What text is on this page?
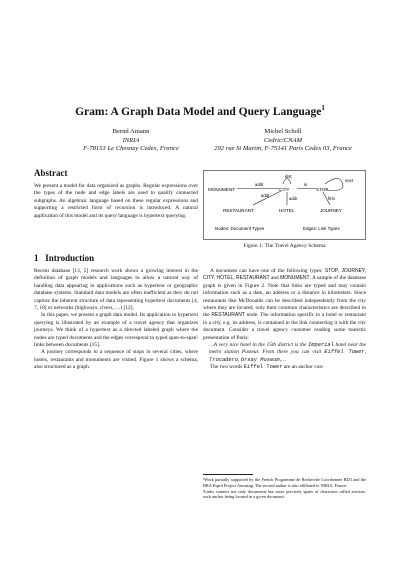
Gram: A Graph Data Model and Query Language$^1$
Bernd Amann
INRIA
F-78153 Le Chesnay Cedex, France
Michel Scholl
Cedric/CNAM
292 rue St Martin, F-75141 Paris Cedex 03, France
Abstract

We present a model for data organized as graphs. Regular expressions over the types of the node and edge labels are used to qualify connected subgraphs. An algebraic language based on these regular expressions and supporting a restricted form of recursion is introduced. A natural application of this model and its query language is hypertext querying.

1 Introduction

Recent database [13, 5] research work shows a growing interest in the definition of graph models and languages to allow a natural way of handling data appearing in applications such as hypertext or geographic database systems. Standard data models are often inefficient as they do not capture the inherent structure of data representing hypertext documents [4, 7, 18] or networks (highways, rivers, …) [12].

In this paper, we present a graph data model. Its application to hypertext querying is illustrated by an example of a travel agency that organizes journeys. We think of a hypertext as a directed labeled graph where the nodes are typed documents and the edges correspond to typed span-to-span² links between documents [15].

A journey corresponds to a sequence of stops in several cities, where hotels, restaurants and monuments are visited. Figure 1 shows a schema, also structured as a graph.

MONUMENT	CITY	STOP
RESTAURANT	HOTEL	JOURNEY
addr
dist
addr
addr
in
next
first
Nodes: Document Types	Edges: Link Types
Figure 1: The Travel Agency Schema

A document can have one of the following types: STOP, JOURNEY, CITY, HOTEL, RESTAURANT and MONUMENT. A sample of the database graph is given in Figure 2. Note that links are typed and may contain information such as a date, an address or a distance in kilometers. Since restaurants like McDonalds can be described independently from the city where they are located, only their common characteristics are described in the RESTAURANT node. The information specific to a hotel or restaurant in a city, e.g. its address, is contained in the link connecting it with the city document. Consider a travel agency customer reading some touristic presentation of Paris:

…A very nice hotel in the 15th district is the Imperial hotel near the metro station Pasteur. From there you can visit Eiffel Tower, Trocadero, Orsay Museum,…

The two words Eiffel Tower are an anchor con-

¹Work partially supported by the French Programme de Recherche Coordonnée BD3 and the BRA Esprit Project Amusing. The second author is also affiliated to INRIA, France.
²Links connect not only documents but more precisely spans of characters called anchors, each anchor being located in a given document.
